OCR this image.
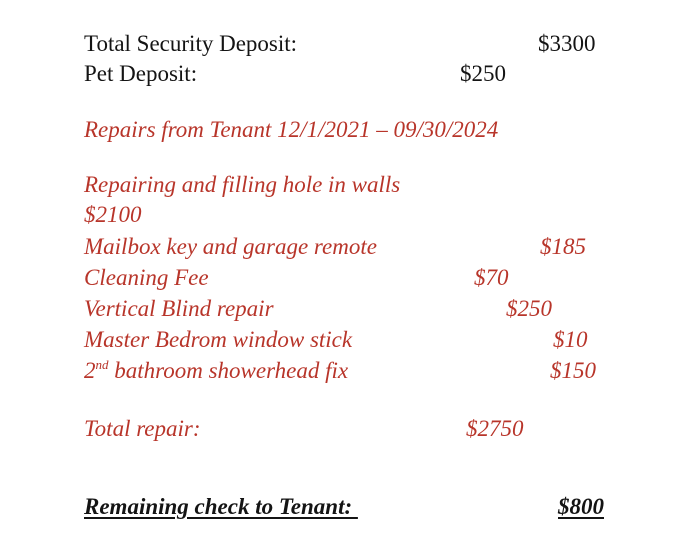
Total Security Deposit:	$3300
Pet Deposit:	$250
Repairs from Tenant 12/1/2021 – 09/30/2024
Repairing and filling hole in walls
$2100
Mailbox key and garage remote	$185
Cleaning Fee	$70
Vertical Blind repair	$250
Master Bedrom window stick	$10
2nd bathroom showerhead fix	$150
Total repair:	$2750
Remaining check to Tenant:	$800
